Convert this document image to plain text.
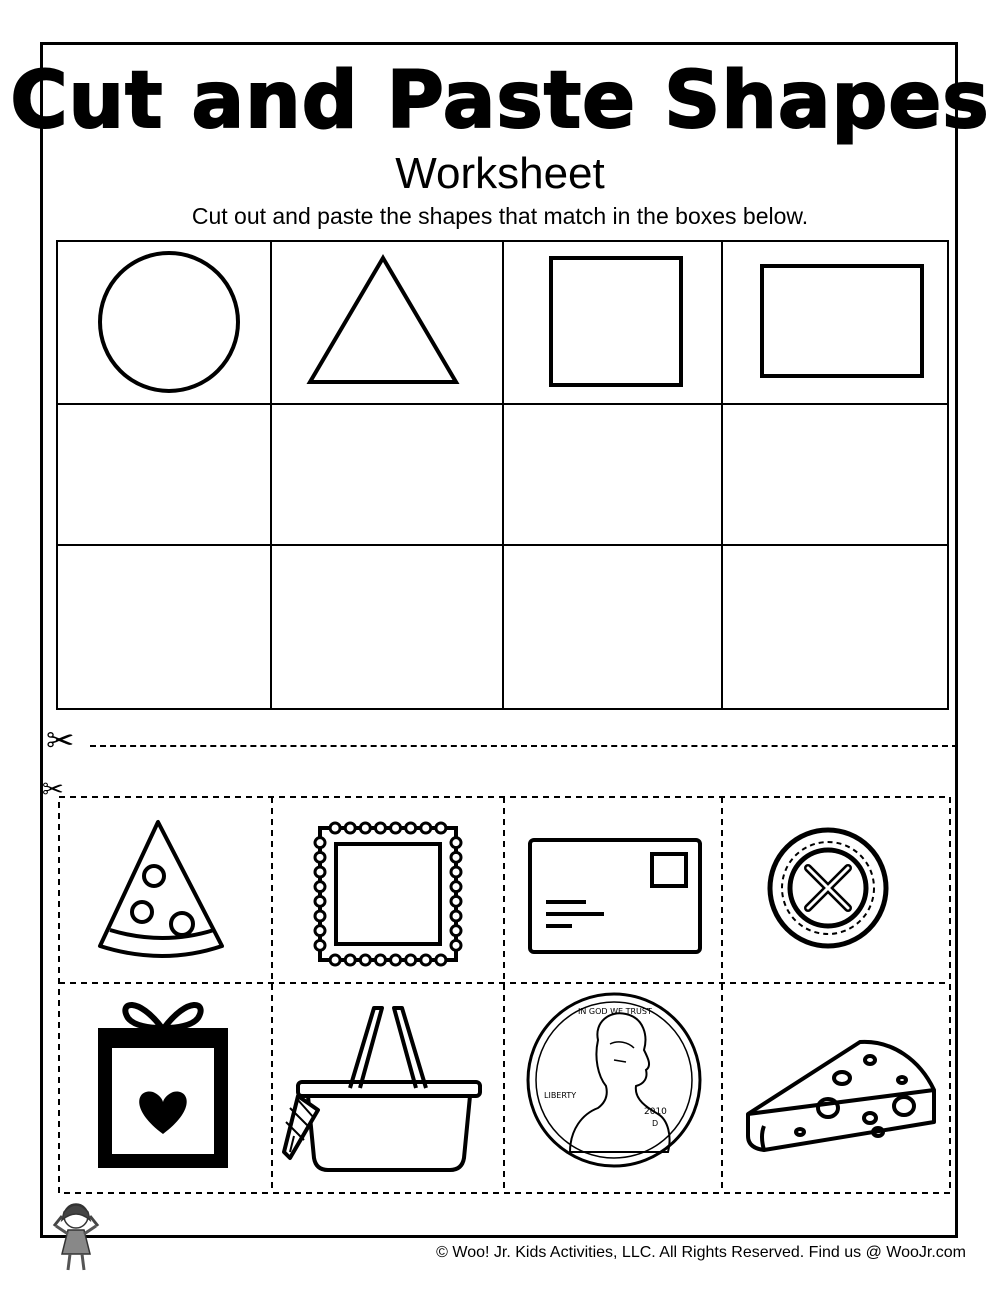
Cut and Paste Shapes
Worksheet
Cut out and paste the shapes that match in the boxes below.
✂
✂
IN GOD WE TRUST
LIBERTY
2010
D
© Woo! Jr. Kids Activities, LLC. All Rights Reserved. Find us @ WooJr.com
